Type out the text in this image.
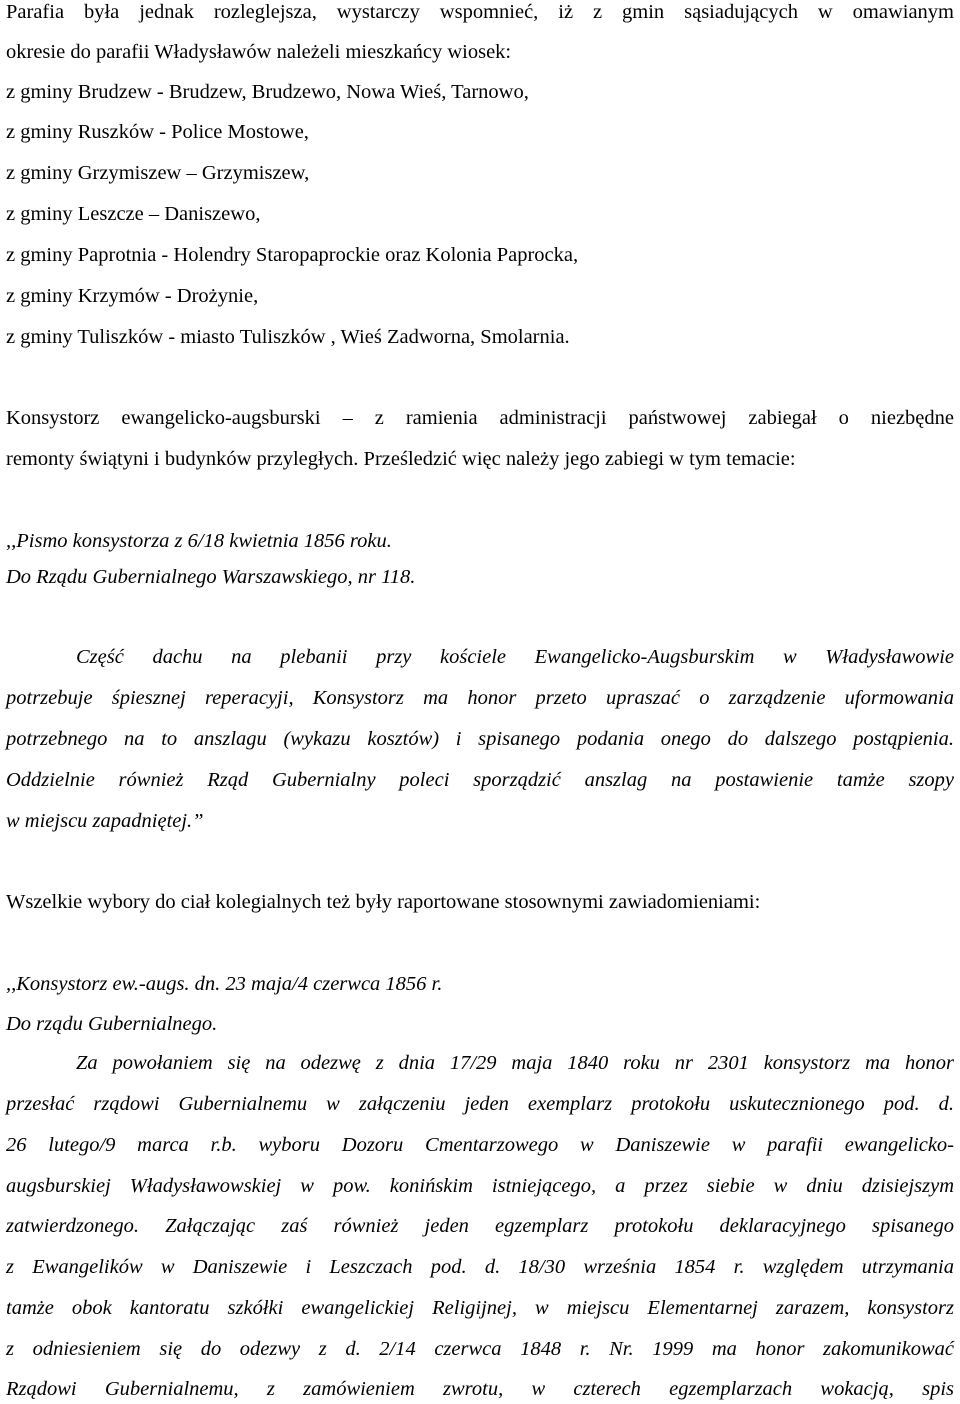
Parafia była jednak rozleglejsza, wystarczy wspomnieć, iż z gmin sąsiadujących w omawianym
okresie do parafii Władysławów należeli mieszkańcy wiosek:
z gminy Brudzew - Brudzew, Brudzewo, Nowa Wieś, Tarnowo,
z gminy Ruszków - Police Mostowe,
z gminy Grzymiszew – Grzymiszew,
z gminy Leszcze – Daniszewo,
z gminy Paprotnia - Holendry Staropaprockie oraz Kolonia Paprocka,
z gminy Krzymów - Drożynie,
z gminy Tuliszków - miasto Tuliszków , Wieś Zadworna, Smolarnia.
Konsystorz ewangelicko-augsburski – z ramienia administracji państwowej zabiegał o niezbędne
remonty świątyni i budynków przyległych. Prześledzić więc należy jego zabiegi w tym temacie:
,,Pismo konsystorza z 6/18 kwietnia 1856 roku.
Do Rządu Gubernialnego Warszawskiego, nr 118.
Część dachu na plebanii przy kościele Ewangelicko-Augsburskim w Władysławowie
potrzebuje śpiesznej reperacyji, Konsystorz ma honor przeto upraszać o zarządzenie uformowania
potrzebnego na to anszlagu (wykazu kosztów) i spisanego podania onego do dalszego postąpienia.
Oddzielnie również Rząd Gubernialny poleci sporządzić anszlag na postawienie tamże szopy
w miejscu zapadniętej.”
Wszelkie wybory do ciał kolegialnych też były raportowane stosownymi zawiadomieniami:
,,Konsystorz ew.-augs. dn. 23 maja/4 czerwca 1856 r.
Do rządu Gubernialnego.
Za powołaniem się na odezwę z dnia 17/29 maja 1840 roku nr 2301 konsystorz ma honor
przesłać rządowi Gubernialnemu w załączeniu jeden exemplarz protokołu uskutecznionego pod. d.
26 lutego/9 marca r.b. wyboru Dozoru Cmentarzowego w Daniszewie w parafii ewangelicko-
augsburskiej Władysławowskiej w pow. konińskim istniejącego, a przez siebie w dniu dzisiejszym
zatwierdzonego. Załączając zaś również jeden egzemplarz protokołu deklaracyjnego spisanego
z Ewangelików w Daniszewie i Leszczach pod. d. 18/30 września 1854 r. względem utrzymania
tamże obok kantoratu szkółki ewangelickiej Religijnej, w miejscu Elementarnej zarazem, konsystorz
z odniesieniem się do odezwy z d. 2/14 czerwca 1848 r. Nr. 1999 ma honor zakomunikować
Rządowi Gubernialnemu, z zamówieniem zwrotu, w czterech egzemplarzach wokacją, spis
